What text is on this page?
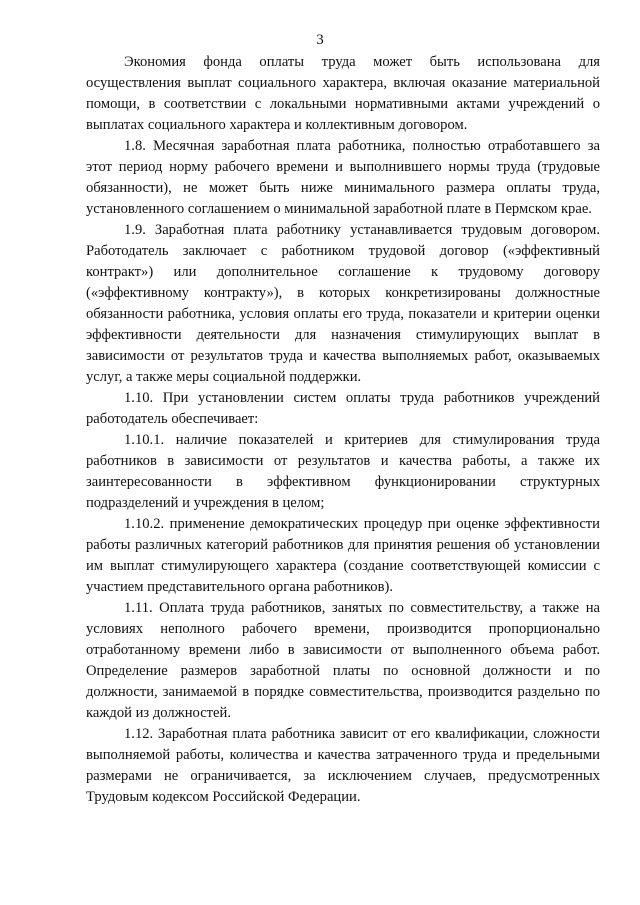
3

Экономия фонда оплаты труда может быть использована для осуществления выплат социального характера, включая оказание материальной помощи, в соответствии с локальными нормативными актами учреждений о выплатах социального характера и коллективным договором.

1.8. Месячная заработная плата работника, полностью отработавшего за этот период норму рабочего времени и выполнившего нормы труда (трудовые обязанности), не может быть ниже минимального размера оплаты труда, установленного соглашением о минимальной заработной плате в Пермском крае.

1.9. Заработная плата работнику устанавливается трудовым договором. Работодатель заключает с работником трудовой договор («эффективный контракт») или дополнительное соглашение к трудовому договору («эффективному контракту»), в которых конкретизированы должностные обязанности работника, условия оплаты его труда, показатели и критерии оценки эффективности деятельности для назначения стимулирующих выплат в зависимости от результатов труда и качества выполняемых работ, оказываемых услуг, а также меры социальной поддержки.

1.10. При установлении систем оплаты труда работников учреждений работодатель обеспечивает:

1.10.1. наличие показателей и критериев для стимулирования труда работников в зависимости от результатов и качества работы, а также их заинтересованности в эффективном функционировании структурных подразделений и учреждения в целом;

1.10.2. применение демократических процедур при оценке эффективности работы различных категорий работников для принятия решения об установлении им выплат стимулирующего характера (создание соответствующей комиссии с участием представительного органа работников).

1.11. Оплата труда работников, занятых по совместительству, а также на условиях неполного рабочего времени, производится пропорционально отработанному времени либо в зависимости от выполненного объема работ. Определение размеров заработной платы по основной должности и по должности, занимаемой в порядке совместительства, производится раздельно по каждой из должностей.

1.12. Заработная плата работника зависит от его квалификации, сложности выполняемой работы, количества и качества затраченного труда и предельными размерами не ограничивается, за исключением случаев, предусмотренных Трудовым кодексом Российской Федерации.
